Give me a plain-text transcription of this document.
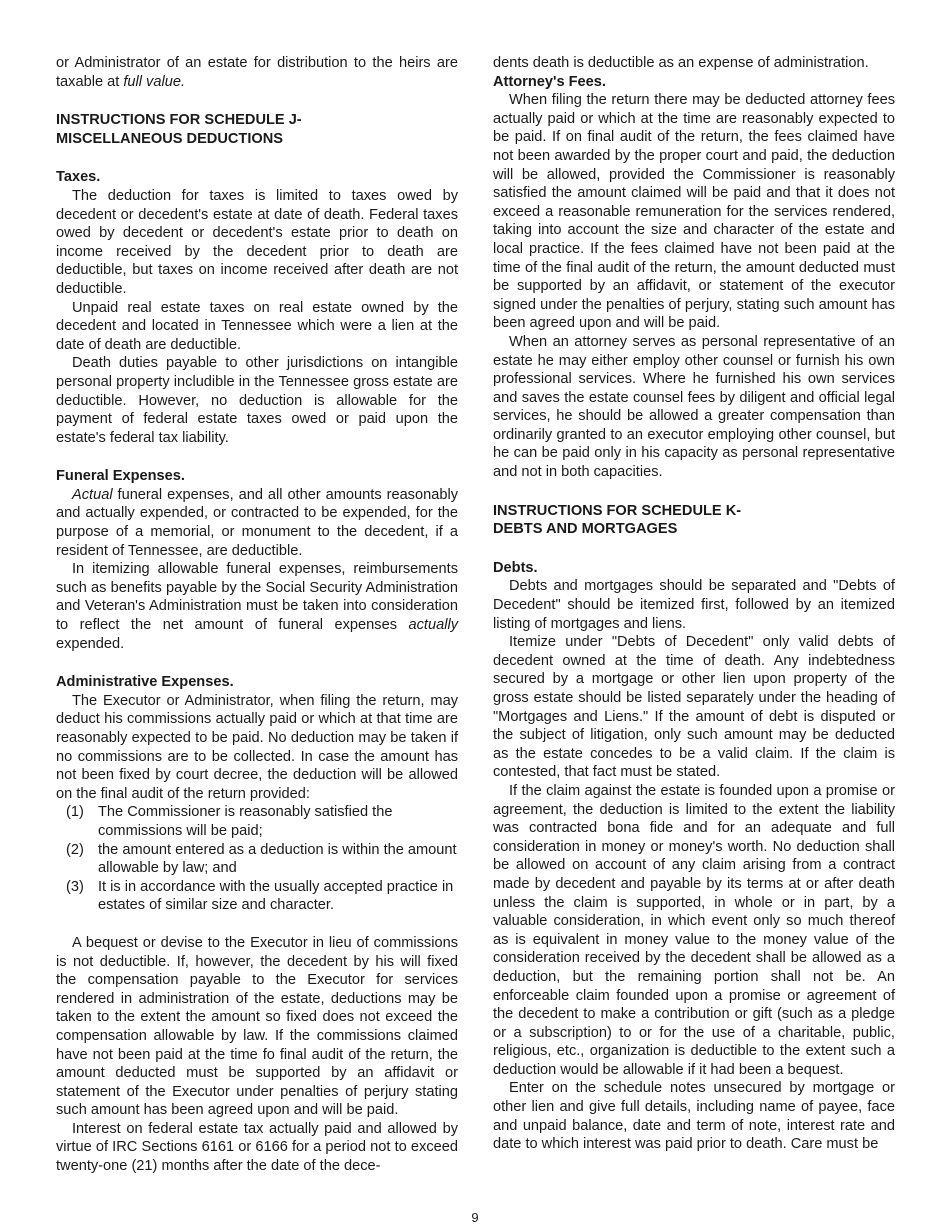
or Administrator of an estate for distribution to the heirs are taxable at full value.

INSTRUCTIONS FOR SCHEDULE J-
MISCELLANEOUS DEDUCTIONS
Taxes.

The deduction for taxes is limited to taxes owed by decedent or decedent's estate at date of death. Federal taxes owed by decedent or decedent's estate prior to death on income received by the decedent prior to death are deductible, but taxes on income received after death are not deductible.

Unpaid real estate taxes on real estate owned by the decedent and located in Tennessee which were a lien at the date of death are deductible.

Death duties payable to other jurisdictions on intangible personal property includible in the Tennessee gross estate are deductible. However, no deduction is allowable for the payment of federal estate taxes owed or paid upon the estate's federal tax liability.

Funeral Expenses.

Actual funeral expenses, and all other amounts reasonably and actually expended, or contracted to be expended, for the purpose of a memorial, or monument to the decedent, if a resident of Tennessee, are deductible.

In itemizing allowable funeral expenses, reimbursements such as benefits payable by the Social Security Administration and Veteran's Administration must be taken into consideration to reflect the net amount of funeral expenses actually expended.

Administrative Expenses.

The Executor or Administrator, when filing the return, may deduct his commissions actually paid or which at that time are reasonably expected to be paid. No deduction may be taken if no commissions are to be collected. In case the amount has not been fixed by court decree, the deduction will be allowed on the final audit of the return provided:

(1) The Commissioner is reasonably satisfied the commissions will be paid;
(2) the amount entered as a deduction is within the amount allowable by law; and
(3) It is in accordance with the usually accepted practice in estates of similar size and character.

A bequest or devise to the Executor in lieu of commissions is not deductible. If, however, the decedent by his will fixed the compensation payable to the Executor for services rendered in administration of the estate, deductions may be taken to the extent the amount so fixed does not exceed the compensation allowable by law. If the commissions claimed have not been paid at the time fo final audit of the return, the amount deducted must be supported by an affidavit or statement of the Executor under penalties of perjury stating such amount has been agreed upon and will be paid.

Interest on federal estate tax actually paid and allowed by virtue of IRC Sections 6161 or 6166 for a period not to exceed twenty-one (21) months after the date of the dece-

dents death is deductible as an expense of administration.

Attorney's Fees.

When filing the return there may be deducted attorney fees actually paid or which at the time are reasonably expected to be paid. If on final audit of the return, the fees claimed have not been awarded by the proper court and paid, the deduction will be allowed, provided the Commissioner is reasonably satisfied the amount claimed will be paid and that it does not exceed a reasonable remuneration for the services rendered, taking into account the size and character of the estate and local practice. If the fees claimed have not been paid at the time of the final audit of the return, the amount deducted must be supported by an affidavit, or statement of the executor signed under the penalties of perjury, stating such amount has been agreed upon and will be paid.

When an attorney serves as personal representative of an estate he may either employ other counsel or furnish his own professional services. Where he furnished his own services and saves the estate counsel fees by diligent and official legal services, he should be allowed a greater compensation than ordinarily granted to an executor employing other counsel, but he can be paid only in his capacity as personal representative and not in both capacities.

INSTRUCTIONS FOR SCHEDULE K-
DEBTS AND MORTGAGES
Debts.

Debts and mortgages should be separated and "Debts of Decedent" should be itemized first, followed by an itemized listing of mortgages and liens.

Itemize under "Debts of Decedent" only valid debts of decedent owned at the time of death. Any indebtedness secured by a mortgage or other lien upon property of the gross estate should be listed separately under the heading of "Mortgages and Liens." If the amount of debt is disputed or the subject of litigation, only such amount may be deducted as the estate concedes to be a valid claim. If the claim is contested, that fact must be stated.

If the claim against the estate is founded upon a promise or agreement, the deduction is limited to the extent the liability was contracted bona fide and for an adequate and full consideration in money or money's worth. No deduction shall be allowed on account of any claim arising from a contract made by decedent and payable by its terms at or after death unless the claim is supported, in whole or in part, by a valuable consideration, in which event only so much thereof as is equivalent in money value to the money value of the consideration received by the decedent shall be allowed as a deduction, but the remaining portion shall not be. An enforceable claim founded upon a promise or agreement of the decedent to make a contribution or gift (such as a pledge or a subscription) to or for the use of a charitable, public, religious, etc., organization is deductible to the extent such a deduction would be allowable if it had been a bequest.

Enter on the schedule notes unsecured by mortgage or other lien and give full details, including name of payee, face and unpaid balance, date and term of note, interest rate and date to which interest was paid prior to death. Care must be

9
